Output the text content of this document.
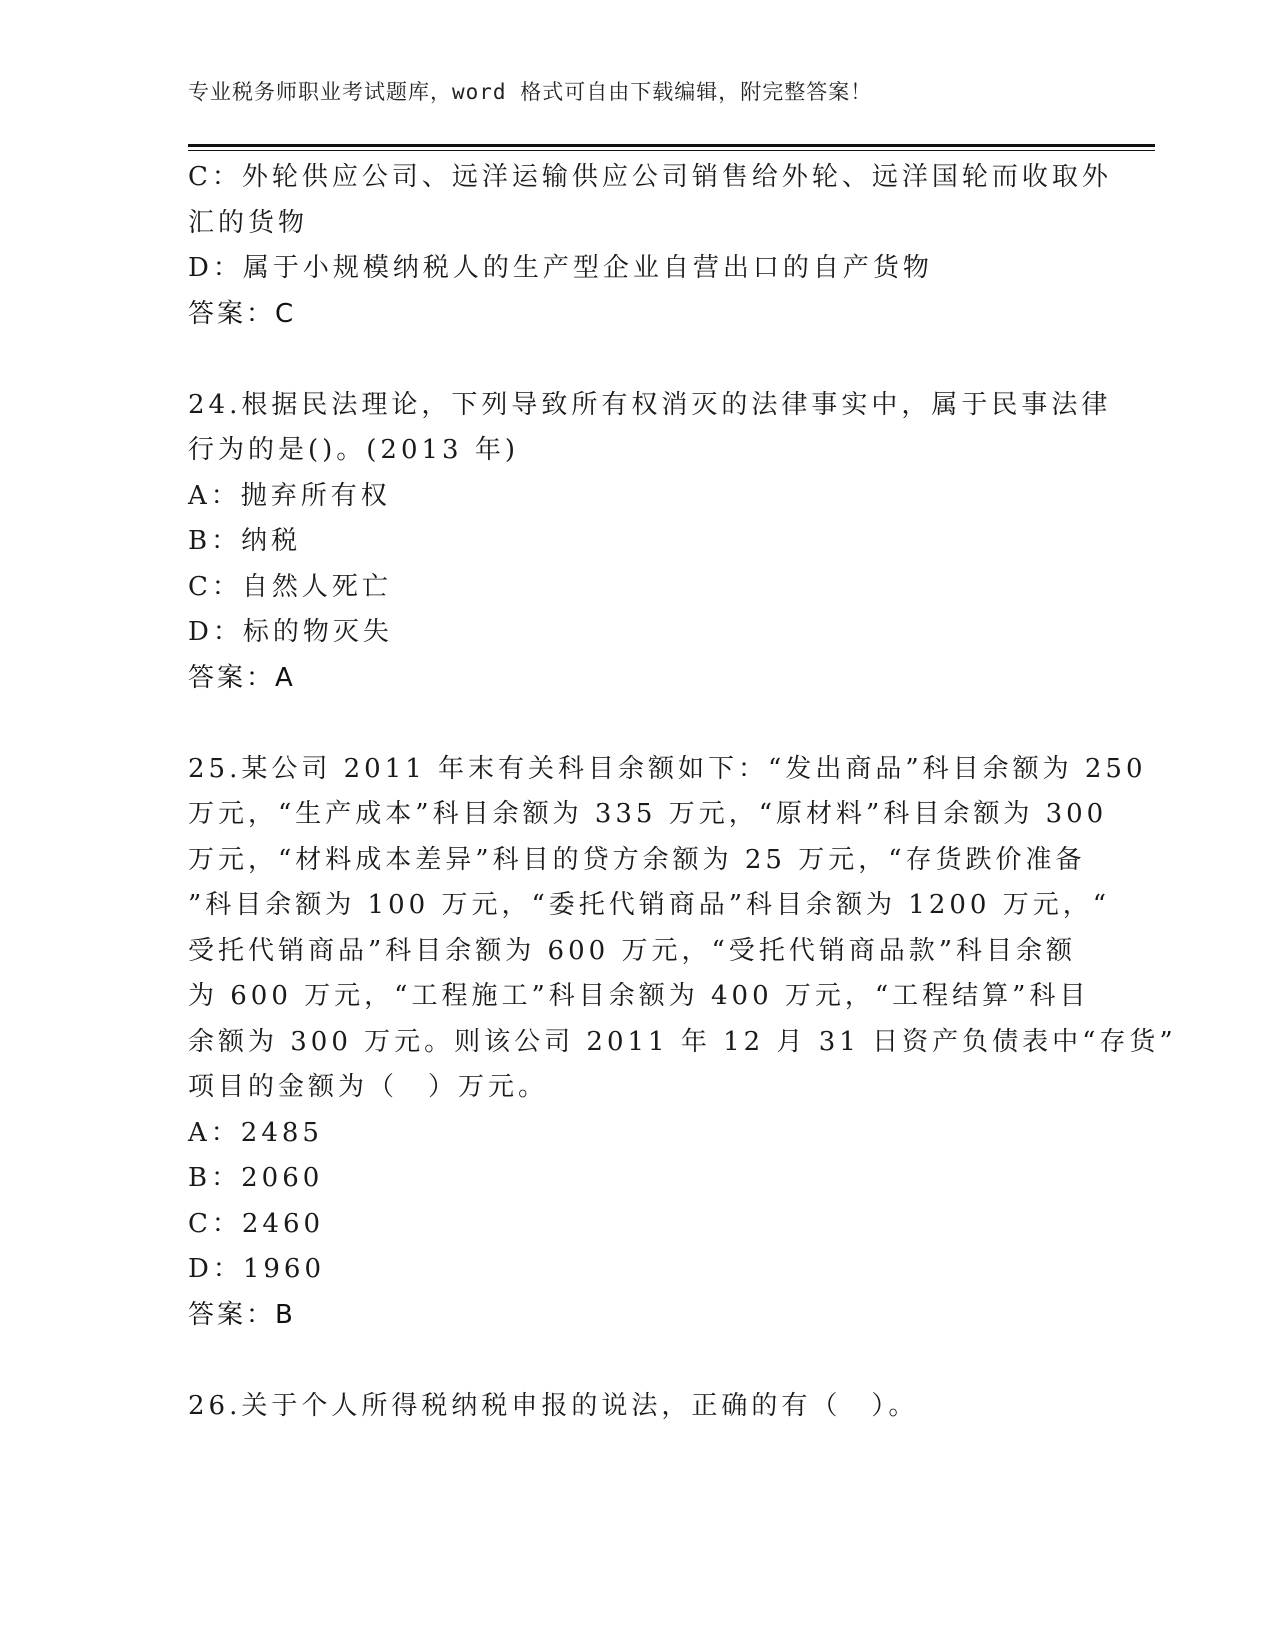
专业税务师职业考试题库，word 格式可自由下载编辑，附完整答案！
C：外轮供应公司、远洋运输供应公司销售给外轮、远洋国轮而收取外
汇的货物
D：属于小规模纳税人的生产型企业自营出口的自产货物
答案：C
24.根据民法理论，下列导致所有权消灭的法律事实中，属于民事法律
行为的是()。(2013 年)
A：抛弃所有权
B：纳税
C：自然人死亡
D：标的物灭失
答案：A
25.某公司 2011 年末有关科目余额如下：“发出商品”科目余额为 250
万元，“生产成本”科目余额为 335 万元，“原材料”科目余额为 300
万元，“材料成本差异”科目的贷方余额为 25 万元，“存货跌价准备
”科目余额为 100 万元，“委托代销商品”科目余额为 1200 万元，“
受托代销商品”科目余额为 600 万元，“受托代销商品款”科目余额
为 600 万元，“工程施工”科目余额为 400 万元，“工程结算”科目
余额为 300 万元。则该公司 2011 年 12 月 31 日资产负债表中“存货”
项目的金额为（　）万元。
A：2485
B：2060
C：2460
D：1960
答案：B
26.关于个人所得税纳税申报的说法，正确的有（　）。
